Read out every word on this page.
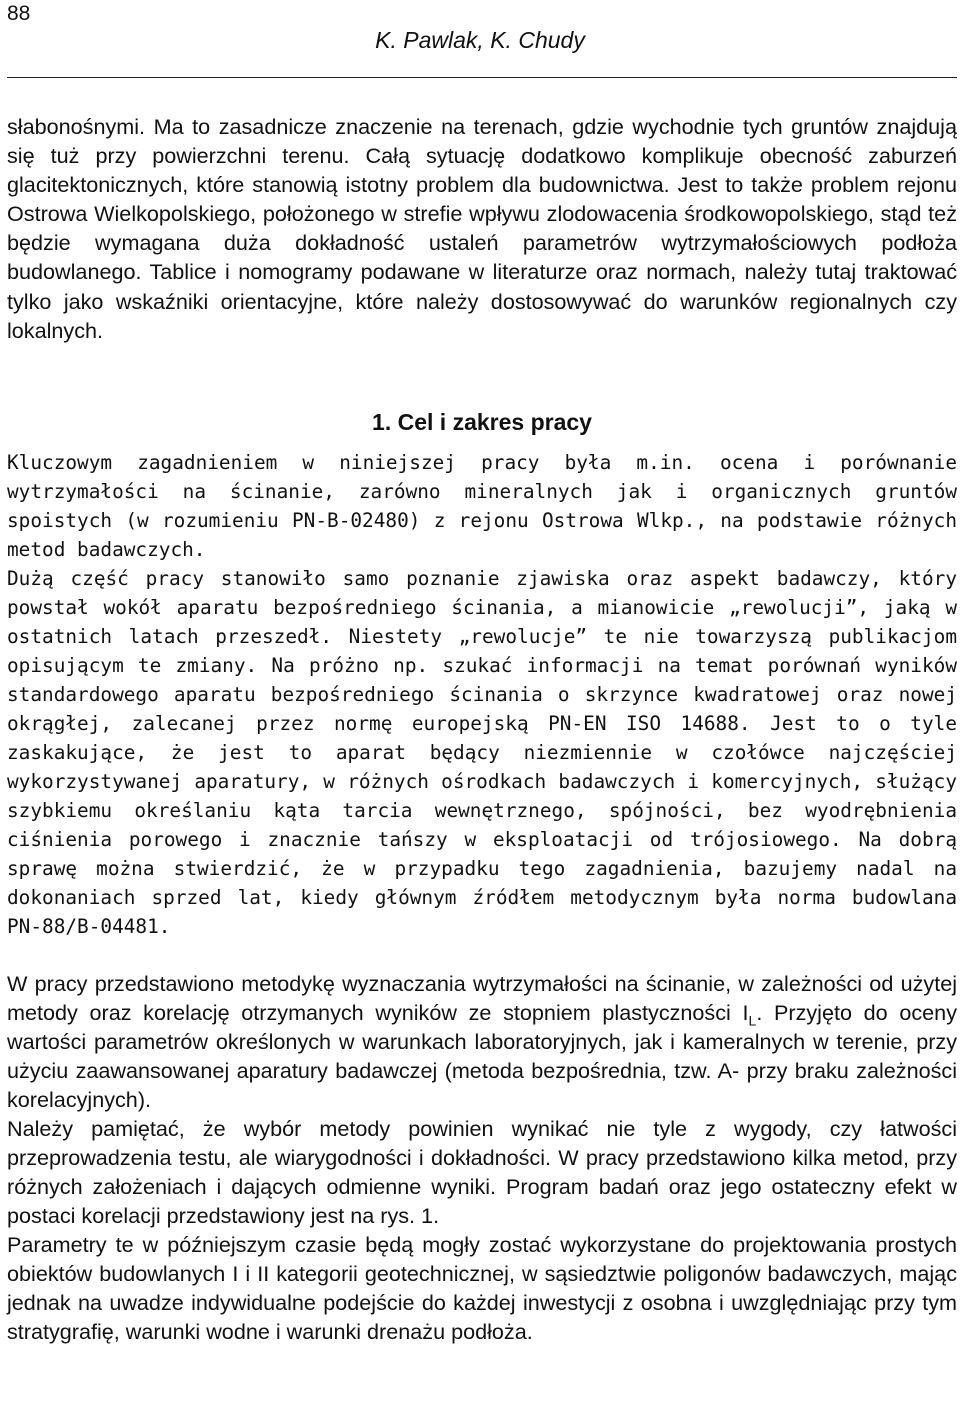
88
K. Pawlak, K. Chudy

słabonośnymi. Ma to zasadnicze znaczenie na terenach, gdzie wychodnie tych gruntów znajdują się tuż przy powierzchni terenu. Całą sytuację dodatkowo komplikuje obecność zaburzeń glacitektonicznych, które stanowią istotny problem dla budownictwa. Jest to także problem rejonu Ostrowa Wielkopolskiego, położonego w strefie wpływu zlodowacenia środkowopolskiego, stąd też będzie wymagana duża dokładność ustaleń parametrów wytrzymałościowych podłoża budowlanego. Tablice i nomogramy podawane w literaturze oraz normach, należy tutaj traktować tylko jako wskaźniki orientacyjne, które należy dostosowywać do warunków regionalnych czy lokalnych.

1. Cel i zakres pracy

Kluczowym zagadnieniem w niniejszej pracy była m.in. ocena i porównanie wytrzymałości na ścinanie, zarówno mineralnych jak i organicznych gruntów spoistych (w rozumieniu PN-B-02480) z rejonu Ostrowa Wlkp., na podstawie różnych metod badawczych.

Dużą część pracy stanowiło samo poznanie zjawiska oraz aspekt badawczy, który powstał wokół aparatu bezpośredniego ścinania, a mianowicie „rewolucji”, jaką w ostatnich latach przeszedł. Niestety „rewolucje” te nie towarzyszą publikacjom opisującym te zmiany. Na próżno np. szukać informacji na temat porównań wyników standardowego aparatu bezpośredniego ścinania o skrzynce kwadratowej oraz nowej okrągłej, zalecanej przez normę europejską PN-EN ISO 14688. Jest to o tyle zaskakujące, że jest to aparat będący niezmiennie w czołówce najczęściej wykorzystywanej aparatury, w różnych ośrodkach badawczych i komercyjnych, służący szybkiemu określaniu kąta tarcia wewnętrznego, spójności, bez wyodrębnienia ciśnienia porowego i znacznie tańszy w eksploatacji od trójosiowego. Na dobrą sprawę można stwierdzić, że w przypadku tego zagadnienia, bazujemy nadal na dokonaniach sprzed lat, kiedy głównym źródłem metodycznym była norma budowlana PN-88/B-04481.

W pracy przedstawiono metodykę wyznaczania wytrzymałości na ścinanie, w zależności od użytej metody oraz korelację otrzymanych wyników ze stopniem plastyczności $I_L$. Przyjęto do oceny wartości parametrów określonych w warunkach laboratoryjnych, jak i kameralnych w terenie, przy użyciu zaawansowanej aparatury badawczej (metoda bezpośrednia, tzw. A- przy braku zależności korelacyjnych).

Należy pamiętać, że wybór metody powinien wynikać nie tyle z wygody, czy łatwości przeprowadzenia testu, ale wiarygodności i dokładności. W pracy przedstawiono kilka metod, przy różnych założeniach i dających odmienne wyniki. Program badań oraz jego ostateczny efekt w postaci korelacji przedstawiony jest na rys. 1.

Parametry te w późniejszym czasie będą mogły zostać wykorzystane do projektowania prostych obiektów budowlanych I i II kategorii geotechnicznej, w sąsiedztwie poligonów badawczych, mając jednak na uwadze indywidualne podejście do każdej inwestycji z osobna i uwzględniając przy tym stratygrafię, warunki wodne i warunki drenażu podłoża.
